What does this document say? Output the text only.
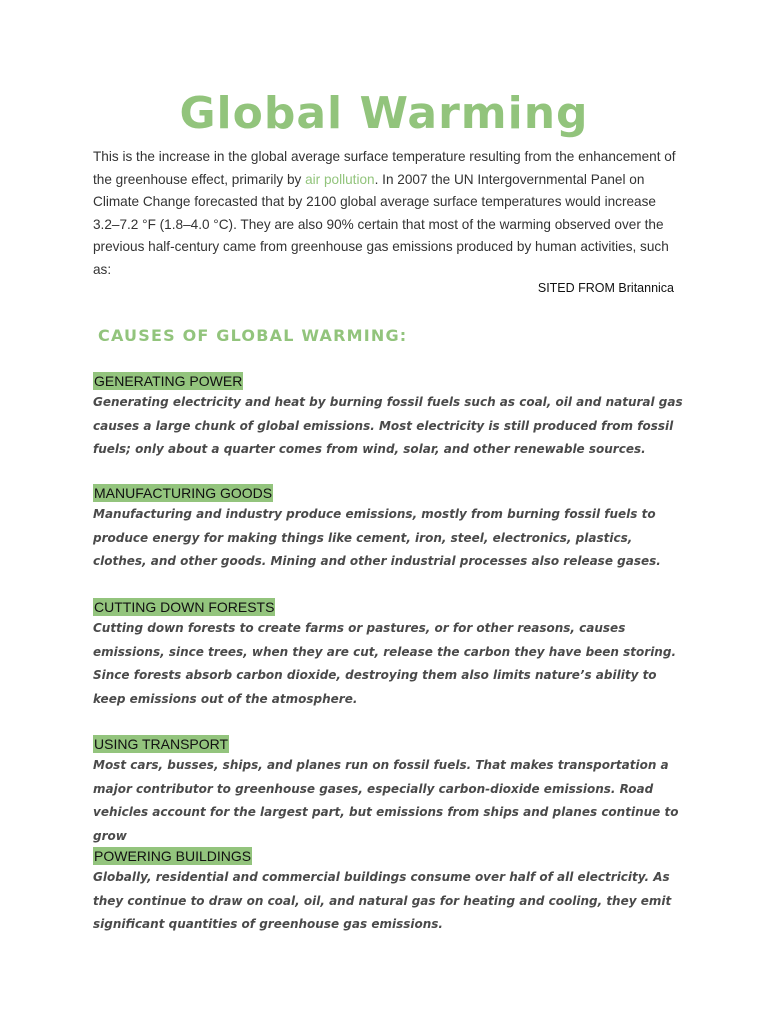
Global Warming

This is the increase in the global average surface temperature resulting from the enhancement of the greenhouse effect, primarily by air pollution. In 2007 the UN Intergovernmental Panel on Climate Change forecasted that by 2100 global average surface temperatures would increase 3.2–7.2 °F (1.8–4.0 °C). They are also 90% certain that most of the warming observed over the previous half-century came from greenhouse gas emissions produced by human activities, such as:

SITED FROM Britannica
CAUSES OF GLOBAL WARMING:
GENERATING POWER

Generating electricity and heat by burning fossil fuels such as coal, oil and natural gas causes a large chunk of global emissions. Most electricity is still produced from fossil fuels; only about a quarter comes from wind, solar, and other renewable sources.

MANUFACTURING GOODS

Manufacturing and industry produce emissions, mostly from burning fossil fuels to produce energy for making things like cement, iron, steel, electronics, plastics, clothes, and other goods. Mining and other industrial processes also release gases.

CUTTING DOWN FORESTS

Cutting down forests to create farms or pastures, or for other reasons, causes emissions, since trees, when they are cut, release the carbon they have been storing. Since forests absorb carbon dioxide, destroying them also limits nature’s ability to keep emissions out of the atmosphere.

USING TRANSPORT

Most cars, busses, ships, and planes run on fossil fuels. That makes transportation a major contributor to greenhouse gases, especially carbon-dioxide emissions. Road vehicles account for the largest part, but emissions from ships and planes continue to grow

POWERING BUILDINGS

Globally, residential and commercial buildings consume over half of all electricity. As they continue to draw on coal, oil, and natural gas for heating and cooling, they emit significant quantities of greenhouse gas emissions.
